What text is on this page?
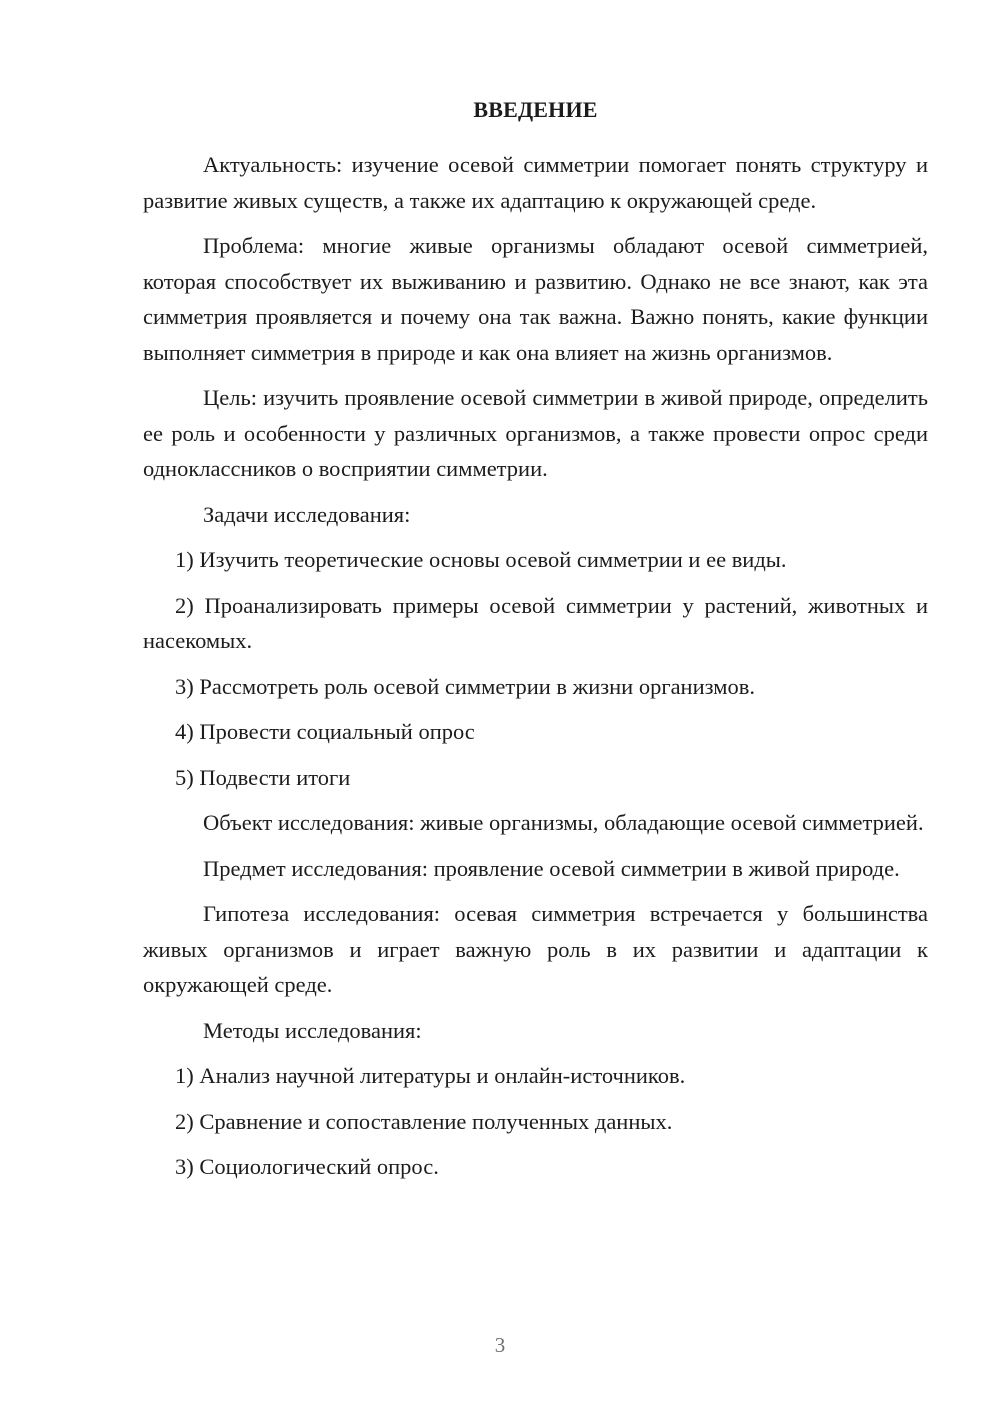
ВВЕДЕНИЕ

Актуальность: изучение осевой симметрии помогает понять структуру и развитие живых существ, а также их адаптацию к окружающей среде.

Проблема: многие живые организмы обладают осевой симметрией, которая способствует их выживанию и развитию. Однако не все знают, как эта симметрия проявляется и почему она так важна. Важно понять, какие функции выполняет симметрия в природе и как она влияет на жизнь организмов.

Цель: изучить проявление осевой симметрии в живой природе, определить ее роль и особенности у различных организмов, а также провести опрос среди одноклассников о восприятии симметрии.

Задачи исследования:

1) Изучить теоретические основы осевой симметрии и ее виды.

2) Проанализировать примеры осевой симметрии у растений, животных и насекомых.

3) Рассмотреть роль осевой симметрии в жизни организмов.

4) Провести социальный опрос

5) Подвести итоги

Объект исследования: живые организмы, обладающие осевой симметрией.

Предмет исследования: проявление осевой симметрии в живой природе.

Гипотеза исследования: осевая симметрия встречается у большинства живых организмов и играет важную роль в их развитии и адаптации к окружающей среде.

Методы исследования:

1) Анализ научной литературы и онлайн-источников.

2) Сравнение и сопоставление полученных данных.

3) Социологический опрос.

3
